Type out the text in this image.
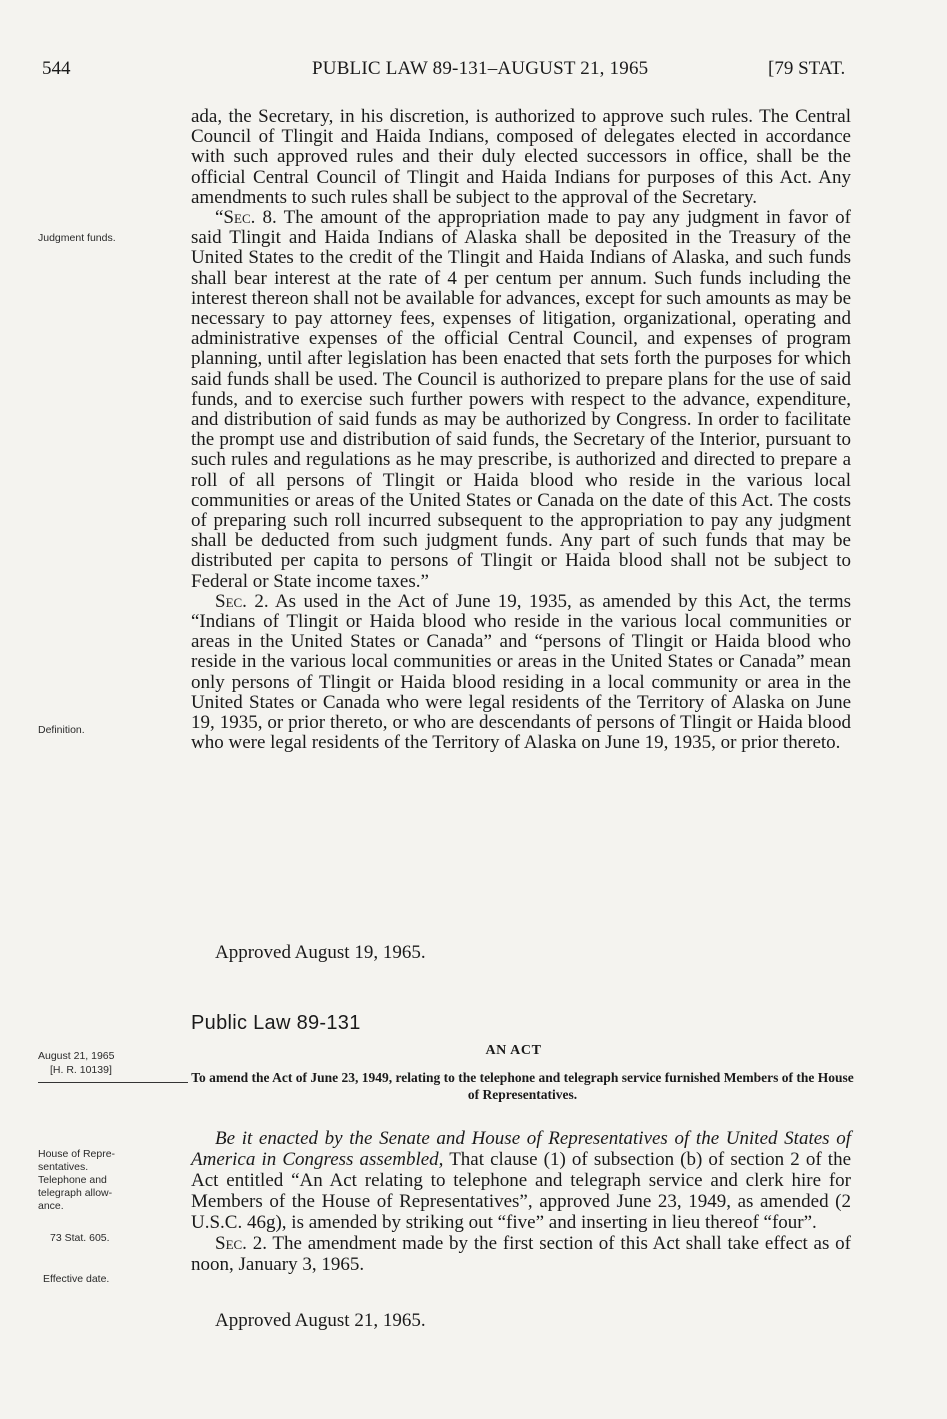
544	PUBLIC LAW 89-131–AUGUST 21, 1965	[79 STAT.

ada, the Secretary, in his discretion, is authorized to approve such rules. The Central Council of Tlingit and Haida Indians, composed of delegates elected in accordance with such approved rules and their duly elected successors in office, shall be the official Central Council of Tlingit and Haida Indians for purposes of this Act. Any amendments to such rules shall be subject to the approval of the Secretary.

“Sec. 8. The amount of the appropriation made to pay any judgment in favor of said Tlingit and Haida Indians of Alaska shall be deposited in the Treasury of the United States to the credit of the Tlingit and Haida Indians of Alaska, and such funds shall bear interest at the rate of 4 per centum per annum. Such funds including the interest thereon shall not be available for advances, except for such amounts as may be necessary to pay attorney fees, expenses of litigation, organizational, operating and administrative expenses of the official Central Council, and expenses of program planning, until after legislation has been enacted that sets forth the purposes for which said funds shall be used. The Council is authorized to prepare plans for the use of said funds, and to exercise such further powers with respect to the advance, expenditure, and distribution of said funds as may be authorized by Congress. In order to facilitate the prompt use and distribution of said funds, the Secretary of the Interior, pursuant to such rules and regulations as he may prescribe, is authorized and directed to prepare a roll of all persons of Tlingit or Haida blood who reside in the various local communities or areas of the United States or Canada on the date of this Act. The costs of preparing such roll incurred subsequent to the appropriation to pay any judgment shall be deducted from such judgment funds. Any part of such funds that may be distributed per capita to persons of Tlingit or Haida blood shall not be subject to Federal or State income taxes.”

Sec. 2. As used in the Act of June 19, 1935, as amended by this Act, the terms “Indians of Tlingit or Haida blood who reside in the various local communities or areas in the United States or Canada” and “persons of Tlingit or Haida blood who reside in the various local communities or areas in the United States or Canada” mean only persons of Tlingit or Haida blood residing in a local community or area in the United States or Canada who were legal residents of the Territory of Alaska on June 19, 1935, or prior thereto, or who are descendants of persons of Tlingit or Haida blood who were legal residents of the Territory of Alaska on June 19, 1935, or prior thereto.

Approved August 19, 1965.
Judgment funds.
Definition.
August 21, 1965
[H. R. 10139]
House of Repre-
sentatives.
Telephone and
telegraph allow-
ance.
73 Stat. 605.
Effective date.
Public Law 89-131
AN ACT
To amend the Act of June 23, 1949, relating to the telephone and telegraph service furnished Members of the House of Representatives.

Be it enacted by the Senate and House of Representatives of the United States of America in Congress assembled, That clause (1) of subsection (b) of section 2 of the Act entitled “An Act relating to telephone and telegraph service and clerk hire for Members of the House of Representatives”, approved June 23, 1949, as amended (2 U.S.C. 46g), is amended by striking out “five” and inserting in lieu thereof “four”.

Sec. 2. The amendment made by the first section of this Act shall take effect as of noon, January 3, 1965.

Approved August 21, 1965.
